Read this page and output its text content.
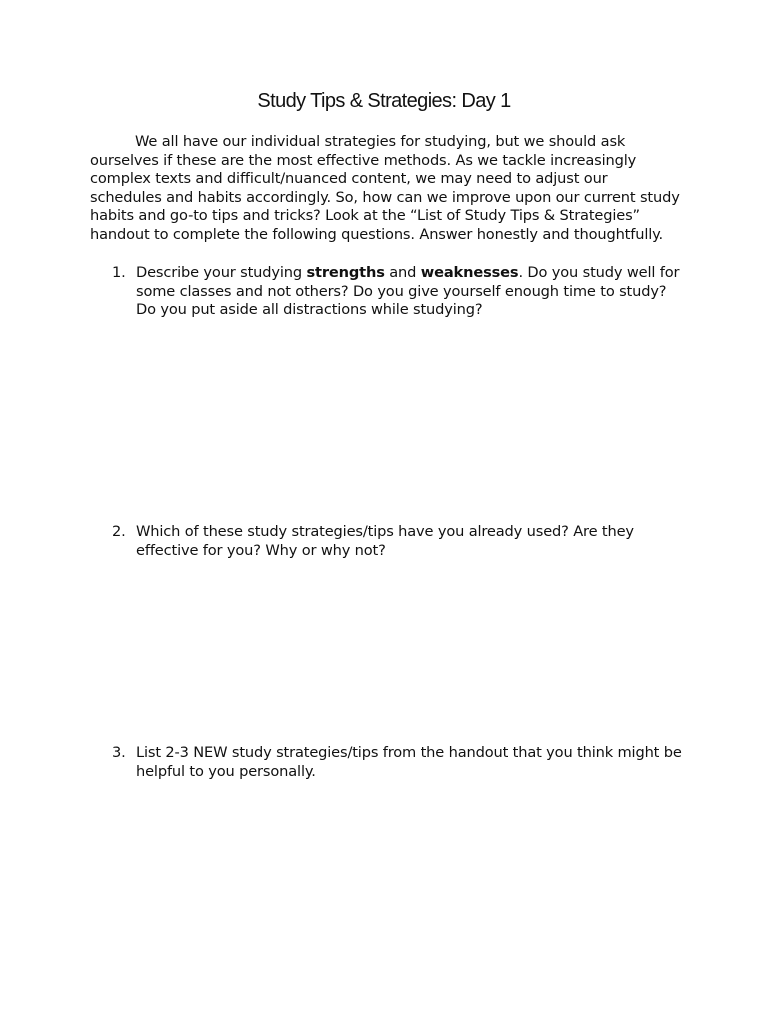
Study Tips & Strategies: Day 1

We all have our individual strategies for studying, but we should ask ourselves if these are the most effective methods. As we tackle increasingly complex texts and difficult/nuanced content, we may need to adjust our schedules and habits accordingly. So, how can we improve upon our current study habits and go-to tips and tricks? Look at the “List of Study Tips & Strategies” handout to complete the following questions. Answer honestly and thoughtfully.

1. Describe your studying strengths and weaknesses. Do you study well for some classes and not others? Do you give yourself enough time to study? Do you put aside all distractions while studying?
2. Which of these study strategies/tips have you already used? Are they effective for you? Why or why not?
3. List 2-3 NEW study strategies/tips from the handout that you think might be helpful to you personally.
